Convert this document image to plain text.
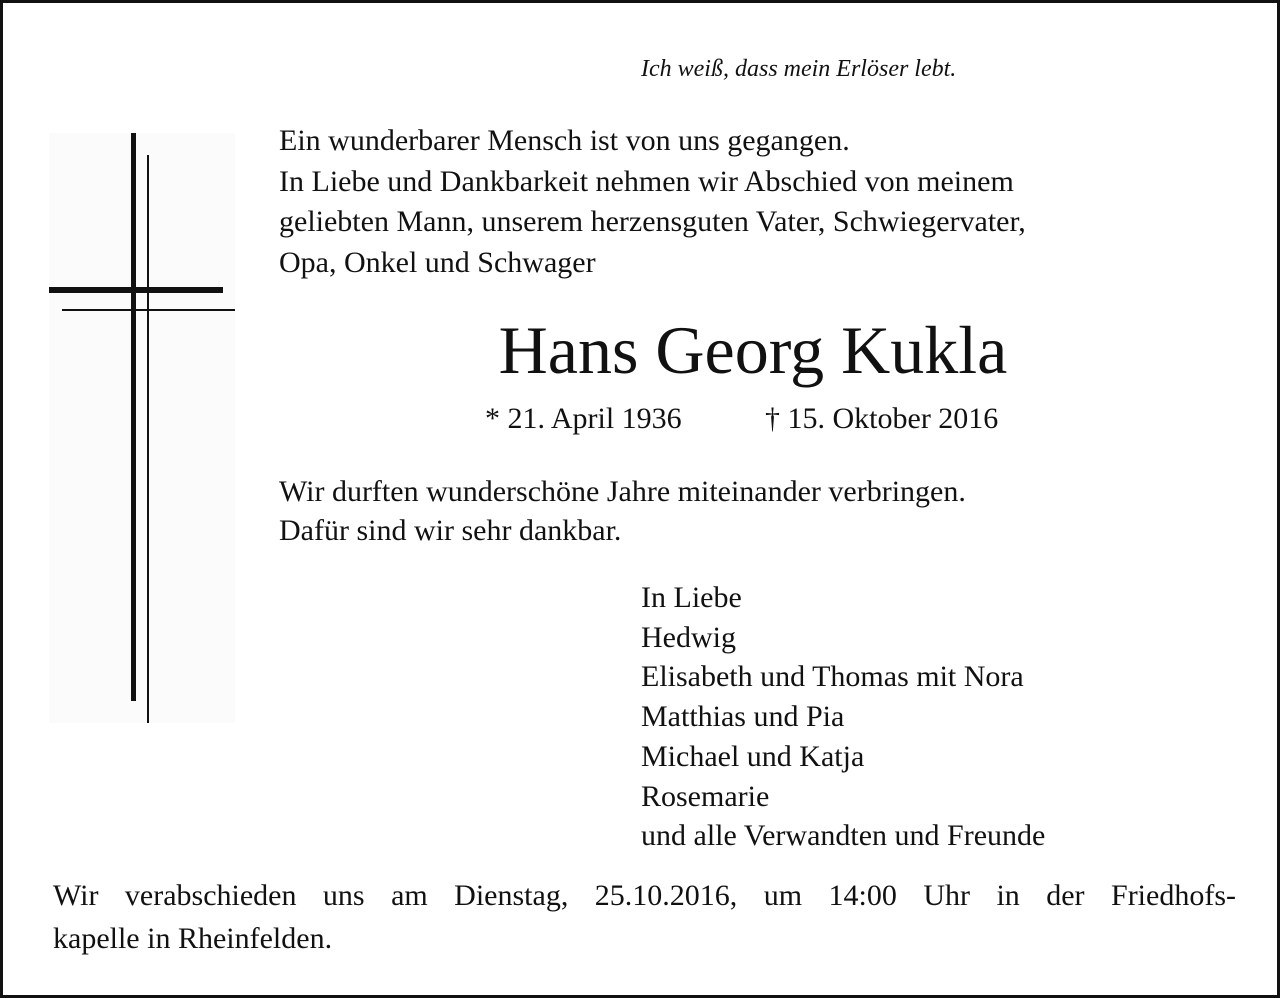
Ich weiß, dass mein Erlöser lebt.

Ein wunderbarer Mensch ist von uns gegangen.
In Liebe und Dankbarkeit nehmen wir Abschied von meinem
geliebten Mann, unserem herzensguten Vater, Schwiegervater,
Opa, Onkel und Schwager

Hans Georg Kukla
* 21. April 1936	† 15. Oktober 2016

Wir durften wunderschöne Jahre miteinander verbringen.
Dafür sind wir sehr dankbar.

In Liebe
Hedwig
Elisabeth und Thomas mit Nora
Matthias und Pia
Michael und Katja
Rosemarie
und alle Verwandten und Freunde

Wir verabschieden uns am Dienstag, 25.10.2016, um 14:00 Uhr in der Friedhofs-
kapelle in Rheinfelden.
